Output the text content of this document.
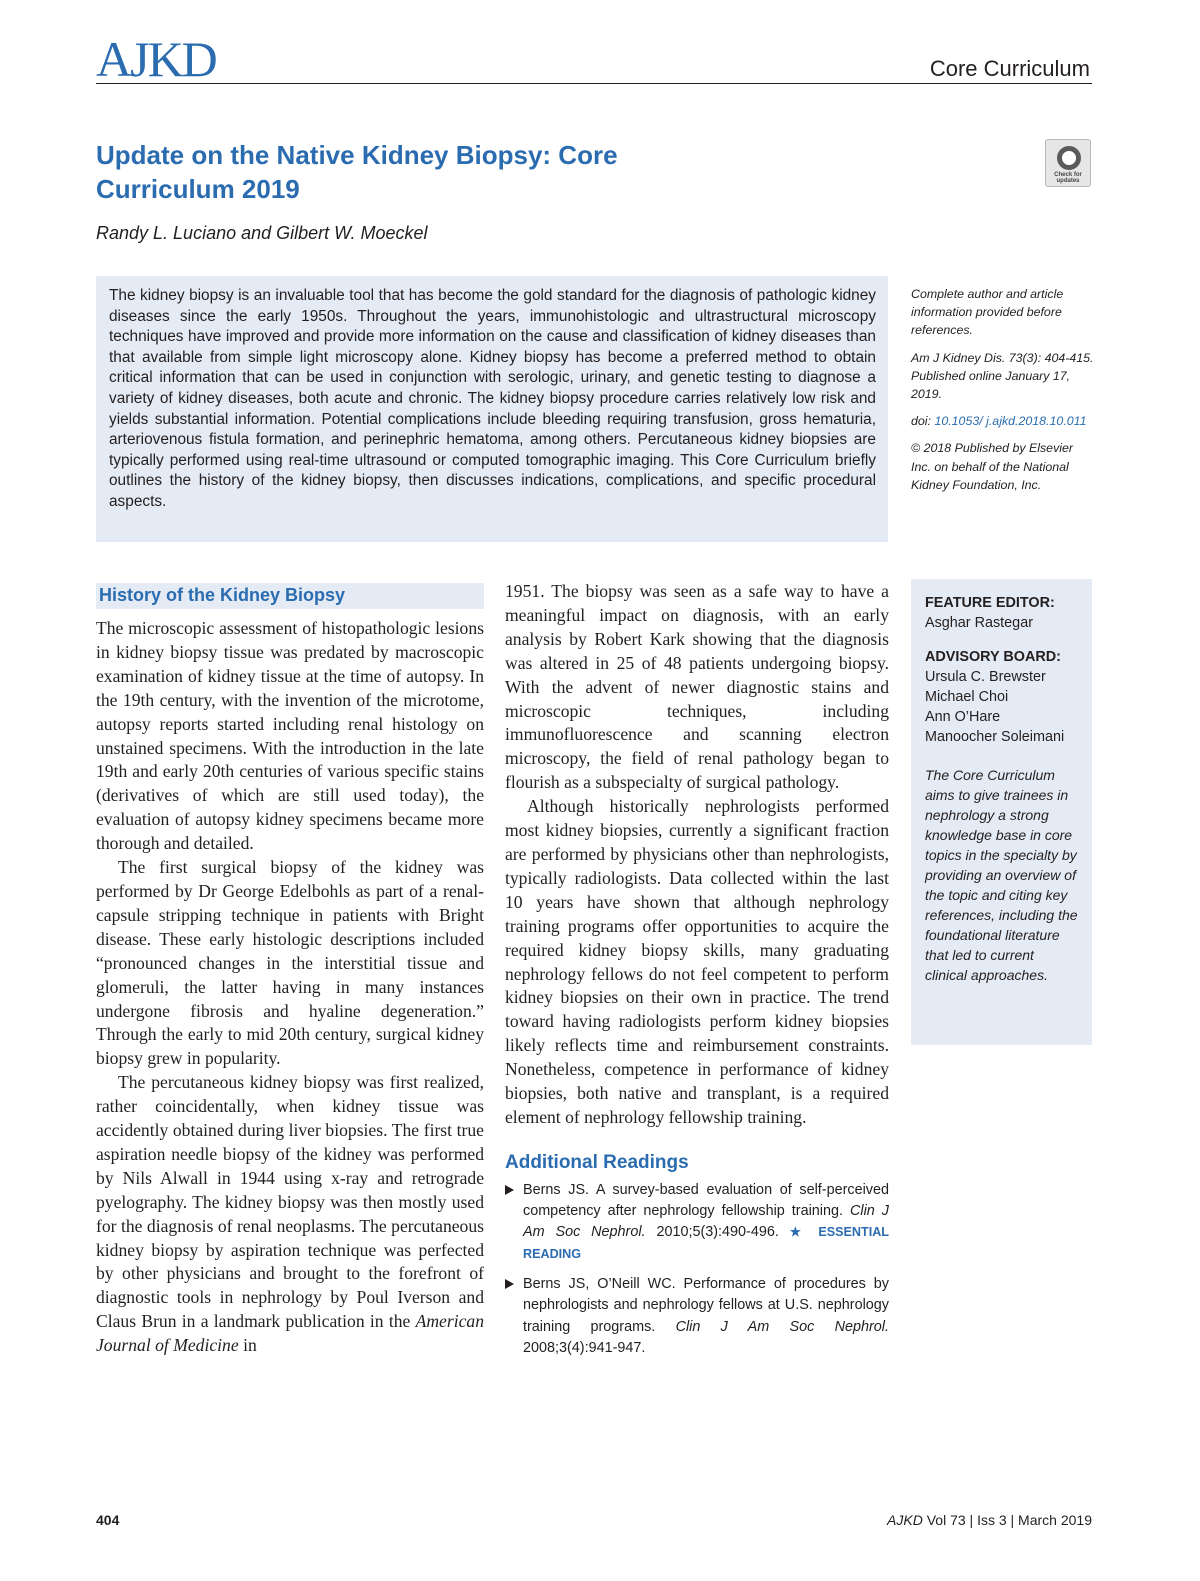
AJKD	Core Curriculum
Update on the Native Kidney Biopsy: Core Curriculum 2019	Check for updates
Randy L. Luciano and Gilbert W. Moeckel

The kidney biopsy is an invaluable tool that has become the gold standard for the diagnosis of pathologic kidney diseases since the early 1950s. Throughout the years, immunohistologic and ultrastructural microscopy techniques have improved and provide more information on the cause and classification of kidney diseases than that available from simple light microscopy alone. Kidney biopsy has become a preferred method to obtain critical information that can be used in conjunction with serologic, urinary, and genetic testing to diagnose a variety of kidney diseases, both acute and chronic. The kidney biopsy procedure carries relatively low risk and yields substantial information. Potential complications include bleeding requiring transfusion, gross hematuria, arteriovenous fistula formation, and perinephric hematoma, among others. Percutaneous kidney biopsies are typically performed using real-time ultrasound or computed tomographic imaging. This Core Curriculum briefly outlines the history of the kidney biopsy, then discusses indications, complications, and specific procedural aspects.

Complete author and article information provided before references.

Am J Kidney Dis. 73(3): 404-415. Published online January 17, 2019.

doi: 10.1053/ j.ajkd.2018.10.011

© 2018 Published by Elsevier Inc. on behalf of the National Kidney Foundation, Inc.

History of the Kidney Biopsy

The microscopic assessment of histopathologic lesions in kidney biopsy tissue was predated by macroscopic examination of kidney tissue at the time of autopsy. In the 19th century, with the invention of the microtome, autopsy reports started including renal histology on unstained specimens. With the introduction in the late 19th and early 20th centuries of various specific stains (derivatives of which are still used today), the evaluation of autopsy kidney specimens became more thorough and detailed.

The first surgical biopsy of the kidney was performed by Dr George Edelbohls as part of a renal-capsule stripping technique in patients with Bright disease. These early histologic descriptions included “pronounced changes in the interstitial tissue and glomeruli, the latter having in many instances undergone fibrosis and hyaline degeneration.” Through the early to mid 20th century, surgical kidney biopsy grew in popularity.

The percutaneous kidney biopsy was first realized, rather coincidentally, when kidney tissue was accidently obtained during liver biopsies. The first true aspiration needle biopsy of the kidney was performed by Nils Alwall in 1944 using x-ray and retrograde pyelography. The kidney biopsy was then mostly used for the diagnosis of renal neoplasms. The percutaneous kidney biopsy by aspiration technique was perfected by other physicians and brought to the forefront of diagnostic tools in nephrology by Poul Iverson and Claus Brun in a landmark publication in the American Journal of Medicine in

1951. The biopsy was seen as a safe way to have a meaningful impact on diagnosis, with an early analysis by Robert Kark showing that the diagnosis was altered in 25 of 48 patients undergoing biopsy. With the advent of newer diagnostic stains and microscopic techniques, including immunofluorescence and scanning electron microscopy, the field of renal pathology began to flourish as a subspecialty of surgical pathology.

Although historically nephrologists performed most kidney biopsies, currently a significant fraction are performed by physicians other than nephrologists, typically radiologists. Data collected within the last 10 years have shown that although nephrology training programs offer opportunities to acquire the required kidney biopsy skills, many graduating nephrology fellows do not feel competent to perform kidney biopsies on their own in practice. The trend toward having radiologists perform kidney biopsies likely reflects time and reimbursement constraints. Nonetheless, competence in performance of kidney biopsies, both native and transplant, is a required element of nephrology fellowship training.

Additional Readings
Berns JS. A survey-based evaluation of self-perceived competency after nephrology fellowship training. Clin J Am Soc Nephrol. 2010;5(3):490-496. ★ ESSENTIAL READING
Berns JS, O’Neill WC. Performance of procedures by nephrologists and nephrology fellows at U.S. nephrology training programs. Clin J Am Soc Nephrol. 2008;3(4):941-947.
FEATURE EDITOR:
Asghar Rastegar
ADVISORY BOARD:
Ursula C. Brewster
Michael Choi
Ann O’Hare
Manoocher Soleimani
The Core Curriculum aims to give trainees in nephrology a strong knowledge base in core topics in the specialty by providing an overview of the topic and citing key references, including the foundational literature that led to current clinical approaches.
404	AJKD Vol 73 | Iss 3 | March 2019
